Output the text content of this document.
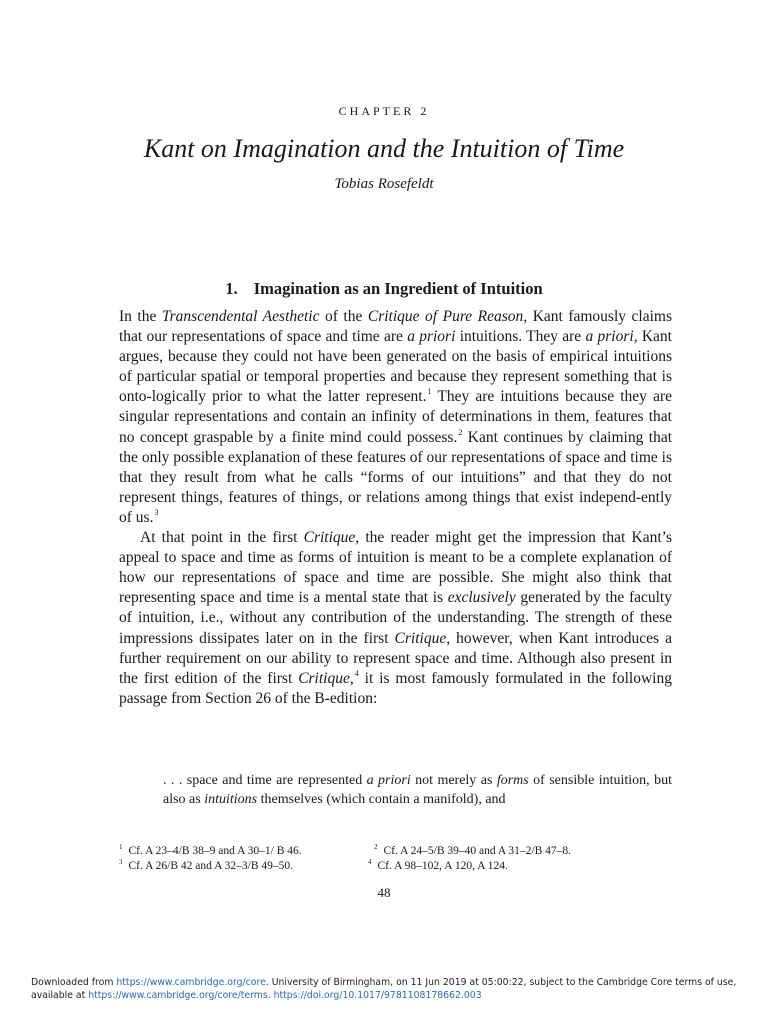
CHAPTER 2
Kant on Imagination and the Intuition of Time
Tobias Rosefeldt
1. Imagination as an Ingredient of Intuition

In the Transcendental Aesthetic of the Critique of Pure Reason, Kant famously claims that our representations of space and time are a priori intuitions. They are a priori, Kant argues, because they could not have been generated on the basis of empirical intuitions of particular spatial or temporal properties and because they represent something that is onto-logically prior to what the latter represent.$^1$ They are intuitions because they are singular representations and contain an infinity of determinations in them, features that no concept graspable by a finite mind could possess.$^2$ Kant continues by claiming that the only possible explanation of these features of our representations of space and time is that they result from what he calls “forms of our intuitions” and that they do not represent things, features of things, or relations among things that exist independ-ently of us.$^3$

At that point in the first Critique, the reader might get the impression that Kant’s appeal to space and time as forms of intuition is meant to be a complete explanation of how our representations of space and time are possible. She might also think that representing space and time is a mental state that is exclusively generated by the faculty of intuition, i.e., without any contribution of the understanding. The strength of these impressions dissipates later on in the first Critique, however, when Kant introduces a further requirement on our ability to represent space and time. Although also present in the first edition of the first Critique,$^4$ it is most famously formulated in the following passage from Section 26 of the B-edition:

. . . space and time are represented a priori not merely as forms of sensible intuition, but also as intuitions themselves (which contain a manifold), and

$^1$ Cf. A 23–4/B 38–9 and A 30–1/ B 46.	$^2$ Cf. A 24–5/B 39–40 and A 31–2/B 47–8.
$^3$ Cf. A 26/B 42 and A 32–3/B 49–50.	$^4$ Cf. A 98–102, A 120, A 124.
48
Downloaded from https://www.cambridge.org/core. University of Birmingham, on 11 Jun 2019 at 05:00:22, subject to the Cambridge Core terms of use, available at https://www.cambridge.org/core/terms. https://doi.org/10.1017/9781108178662.003
